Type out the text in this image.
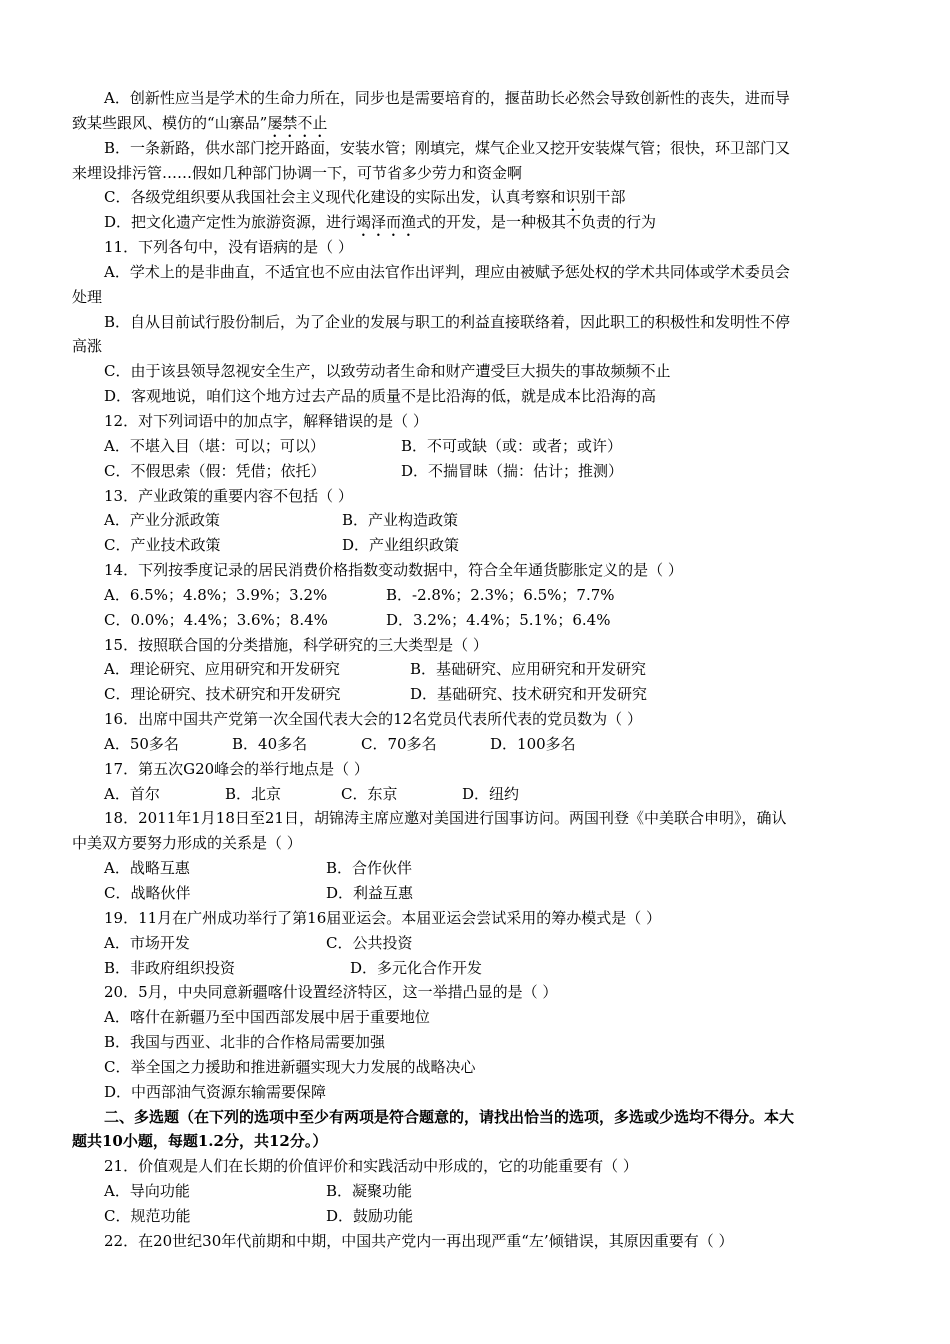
A．创新性应当是学术的生命力所在，同步也是需要培育的，揠苗助长必然会导致创新性的丧失，进而导
致某些跟风、模仿的“山寨品”屡禁不止
B．一条新路，供水部门挖开路面，安装水管；刚填完，煤气企业又挖开安装煤气管；很快，环卫部门又
来埋设排污管……假如几种部门协调一下，可节省多少劳力和资金啊
C．各级党组织要从我国社会主义现代化建设的实际出发，认真考察和识别干部
D．把文化遗产定性为旅游资源，进行竭泽而渔式的开发，是一种极其不负责的行为
11．下列各句中，没有语病的是（ ）
A．学术上的是非曲直，不适宜也不应由法官作出评判，理应由被赋予惩处权的学术共同体或学术委员会
处理
B．自从目前试行股份制后，为了企业的发展与职工的利益直接联络着，因此职工的积极性和发明性不停
高涨
C．由于该县领导忽视安全生产，以致劳动者生命和财产遭受巨大损失的事故频频不止
D．客观地说，咱们这个地方过去产品的质量不是比沿海的低，就是成本比沿海的高
12．对下列词语中的加点字，解释错误的是（ ）
A．不堪入目（堪：可以；可以）	B．不可或缺（或：或者；或许）
C．不假思索（假：凭借；依托）	D．不揣冒昧（揣：估计；推测）
13．产业政策的重要内容不包括（ ）
A．产业分派政策	B．产业构造政策
C．产业技术政策	D．产业组织政策
14．下列按季度记录的居民消费价格指数变动数据中，符合全年通货膨胀定义的是（ ）
A．6.5%；4.8%；3.9%；3.2%	B．-2.8%；2.3%；6.5%；7.7%
C．0.0%；4.4%；3.6%；8.4%	D．3.2%；4.4%；5.1%；6.4%
15．按照联合国的分类措施，科学研究的三大类型是（ ）
A．理论研究、应用研究和开发研究	B．基础研究、应用研究和开发研究
C．理论研究、技术研究和开发研究	D．基础研究、技术研究和开发研究
16．出席中国共产党第一次全国代表大会的12名党员代表所代表的党员数为（ ）
A．50多名	B．40多名	C．70多名	D．100多名
17．第五次G20峰会的举行地点是（ ）
A．首尔	B．北京	C．东京	D．纽约
18．2011年1月18日至21日，胡锦涛主席应邀对美国进行国事访问。两国刊登《中美联合申明》，确认
中美双方要努力形成的关系是（ ）
A．战略互惠	B．合作伙伴
C．战略伙伴	D．利益互惠
19．11月在广州成功举行了第16届亚运会。本届亚运会尝试采用的筹办模式是（ ）
A．市场开发	C．公共投资
B．非政府组织投资	D．多元化合作开发
20．5月，中央同意新疆喀什设置经济特区，这一举措凸显的是（ ）
A．喀什在新疆乃至中国西部发展中居于重要地位
B．我国与西亚、北非的合作格局需要加强
C．举全国之力援助和推进新疆实现大力发展的战略决心
D．中西部油气资源东输需要保障
二、多选题（在下列的选项中至少有两项是符合题意的，请找出恰当的选项，多选或少选均不得分。本大
题共10小题，每题1.2分，共12分。）
21．价值观是人们在长期的价值评价和实践活动中形成的，它的功能重要有（ ）
A．导向功能	B．凝聚功能
C．规范功能	D．鼓励功能
22．在20世纪30年代前期和中期，中国共产党内一再出现严重“左’倾错误，其原因重要有（ ）
